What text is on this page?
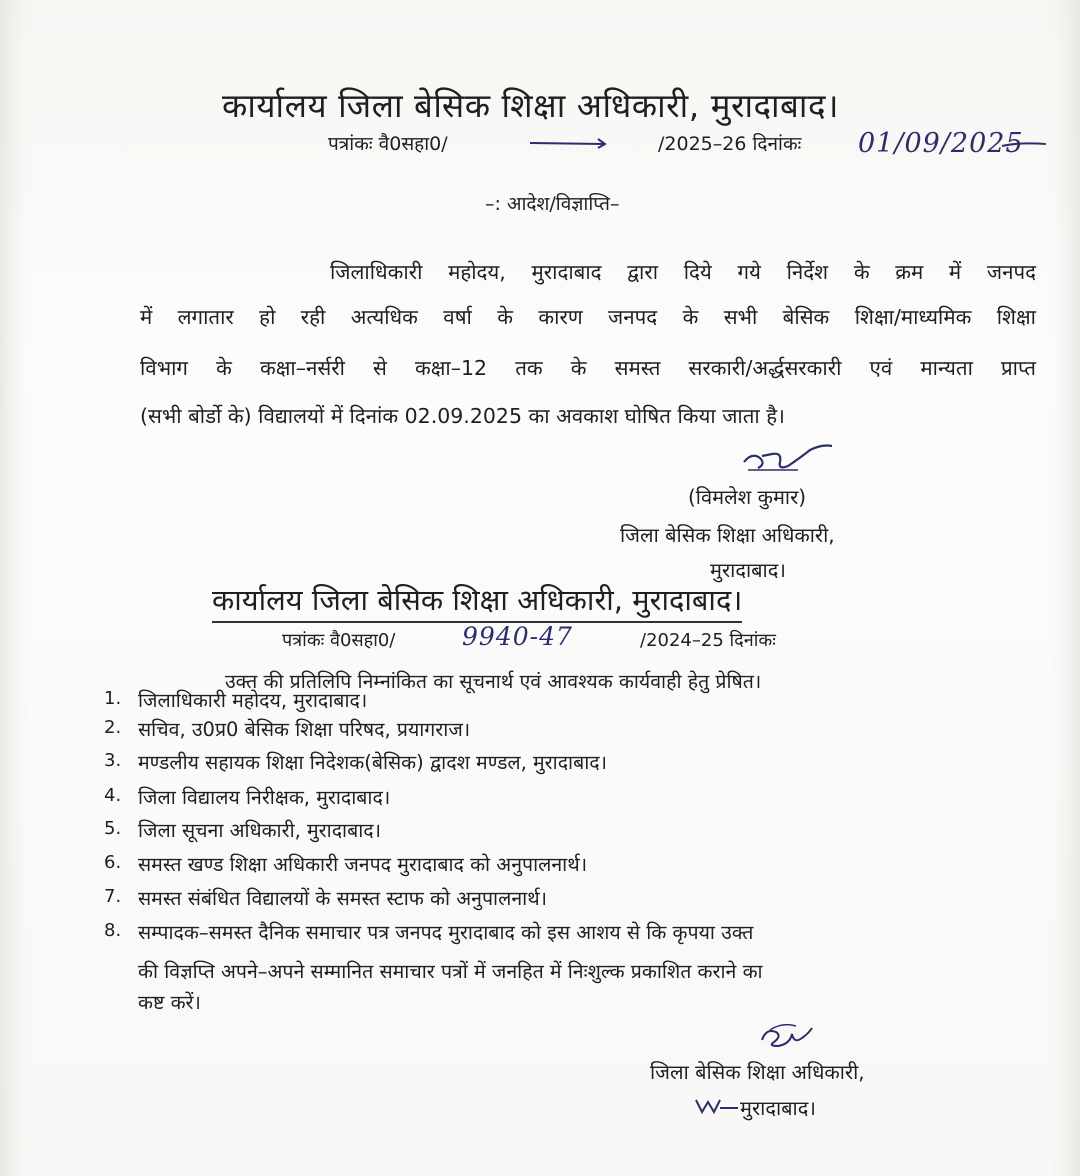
कार्यालय जिला बेसिक शिक्षा अधिकारी, मुरादाबाद।
पत्रांकः वै0सहा0/	/2025–26 दिनांकः 01/09/2025
–: आदेश/विज्ञाप्ति–
जिलाधिकारी महोदय, मुरादाबाद द्वारा दिये गये निर्देश के क्रम में जनपद
में लगातार हो रही अत्यधिक वर्षा के कारण जनपद के सभी बेसिक शिक्षा/माध्यमिक शिक्षा
विभाग के कक्षा–नर्सरी से कक्षा–12 तक के समस्त सरकारी/अर्द्धसरकारी एवं मान्यता प्राप्त
(सभी बोर्डो के) विद्यालयों में दिनांक 02.09.2025 का अवकाश घोषित किया जाता है।
(विमलेश कुमार)
जिला बेसिक शिक्षा अधिकारी,
मुरादाबाद।
कार्यालय जिला बेसिक शिक्षा अधिकारी, मुरादाबाद।
पत्रांकः वै0सहा0/	9940-47	/2024–25 दिनांकः
उक्त की प्रतिलिपि निम्नांकित का सूचनार्थ एवं आवश्यक कार्यवाही हेतु प्रेषित।
1. जिलाधिकारी महोदय, मुरादाबाद।
2. सचिव, उ0प्र0 बेसिक शिक्षा परिषद, प्रयागराज।
3. मण्डलीय सहायक शिक्षा निदेशक(बेसिक) द्वादश मण्डल, मुरादाबाद।
4. जिला विद्यालय निरीक्षक, मुरादाबाद।
5. जिला सूचना अधिकारी, मुरादाबाद।
6. समस्त खण्ड शिक्षा अधिकारी जनपद मुरादाबाद को अनुपालनार्थ।
7. समस्त संबंधित विद्यालयों के समस्त स्टाफ को अनुपालनार्थ।
8. सम्पादक–समस्त दैनिक समाचार पत्र जनपद मुरादाबाद को इस आशय से कि कृपया उक्त
की विज्ञप्ति अपने–अपने सम्मानित समाचार पत्रों में जनहित में निःशुल्क प्रकाशित कराने का
कष्ट करें।
जिला बेसिक शिक्षा अधिकारी,
मुरादाबाद।
